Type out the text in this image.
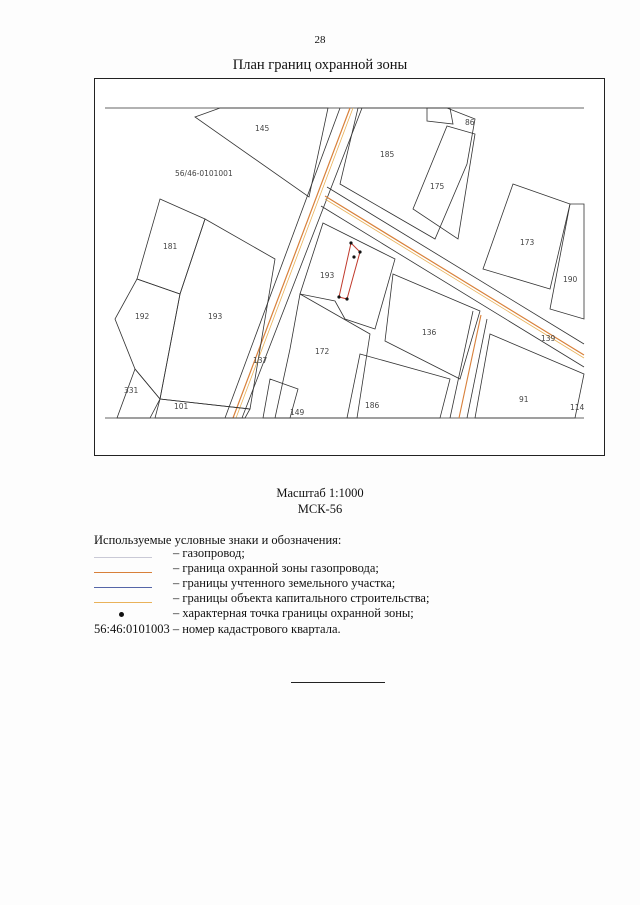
28
План границ охранной зоны
56/46-0101001
145
185
86
175
173
190
181
192	193
193
172
136
139
91
114
331
101
149
186
137
Масштаб 1:1000
МСК-56
Используемые условные знаки и обозначения:
– газопровод;
– граница охранной зоны газопровода;
– границы учтенного земельного участка;
– границы объекта капитального строительства;
– характерная точка границы охранной зоны;
56:46:0101003 – номер кадастрового квартала.
